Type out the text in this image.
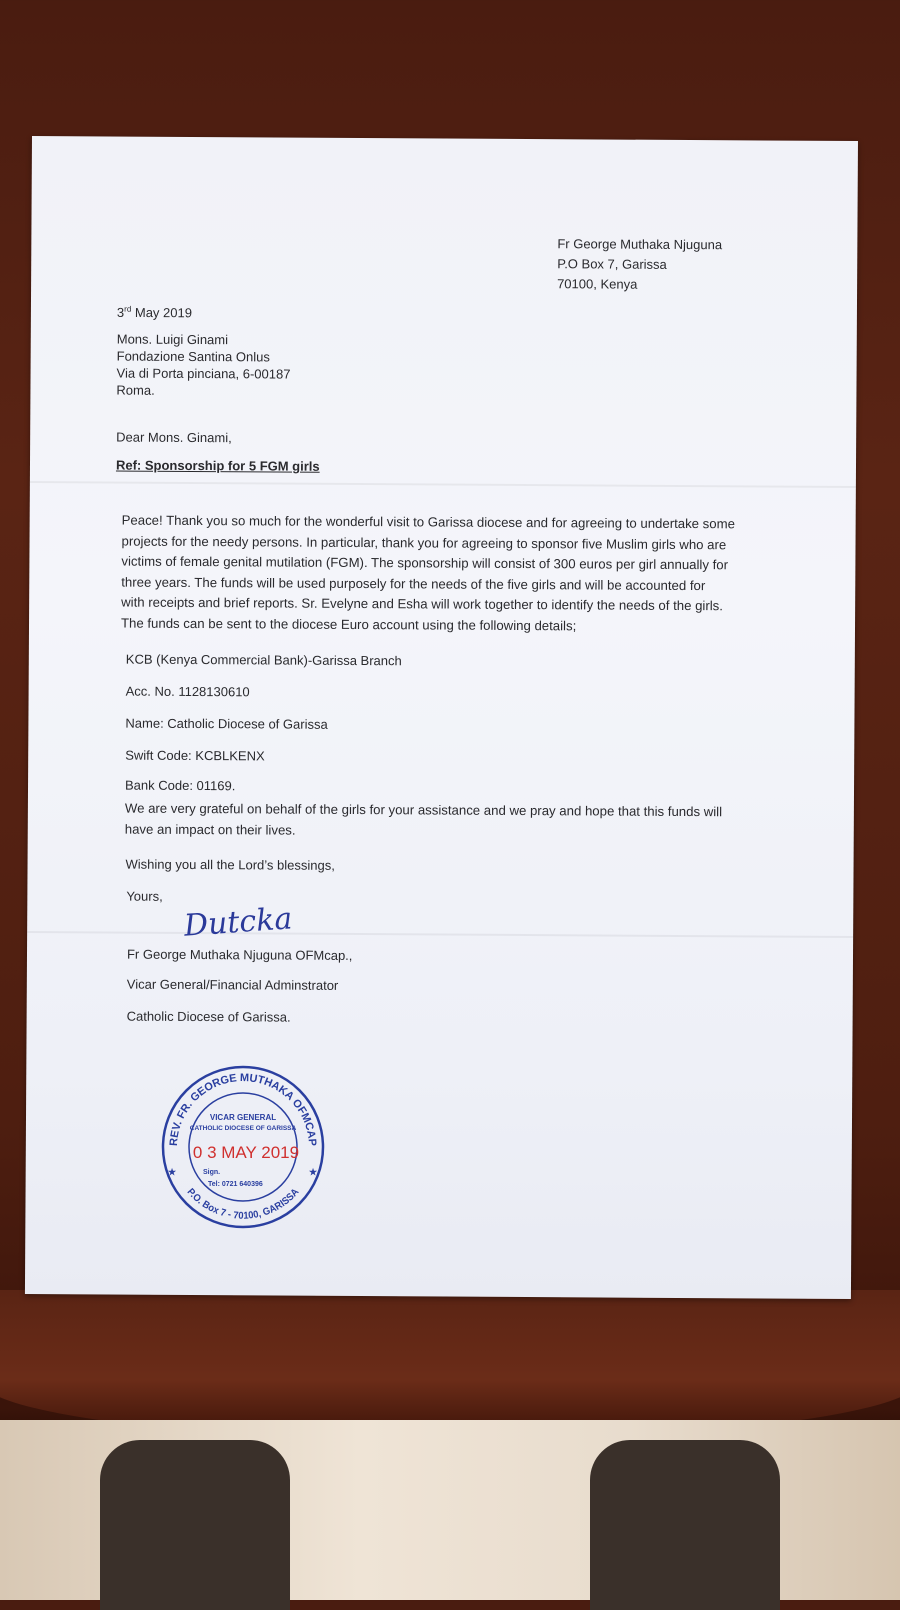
Fr George Muthaka Njuguna
P.O Box 7, Garissa
70100, Kenya
3rd May 2019
Mons. Luigi Ginami
Fondazione Santina Onlus
Via di Porta pinciana, 6-00187
Roma.
Dear Mons. Ginami,
Ref: Sponsorship for 5 FGM girls

Peace! Thank you so much for the wonderful visit to Garissa diocese and for agreeing to undertake some

projects for the needy persons. In particular, thank you for agreeing to sponsor five Muslim girls who are

victims of female genital mutilation (FGM). The sponsorship will consist of 300 euros per girl annually for

three years. The funds will be used purposely for the needs of the five girls and will be accounted for

with receipts and brief reports. Sr. Evelyne and Esha will work together to identify the needs of the girls.

The funds can be sent to the diocese Euro account using the following details;

KCB (Kenya Commercial Bank)-Garissa Branch
Acc. No. 1128130610
Name: Catholic Diocese of Garissa
Swift Code: KCBLKENX
Bank Code: 01169.

We are very grateful on behalf of the girls for your assistance and we pray and hope that this funds will

have an impact on their lives.

Wishing you all the Lord’s blessings,
Yours,
Fr George Muthaka Njuguna OFMcap.,
Vicar General/Financial Adminstrator
Catholic Diocese of Garissa.
Dutcka
REV. FR. GEORGE MUTHAKA OFMCAP
P.O. Box 7 - 70100, GARISSA
VICAR GENERAL
CATHOLIC DIOCESE OF GARISSA
Sign.
Tel: 0721 640396
★	★
0 3 MAY 2019
